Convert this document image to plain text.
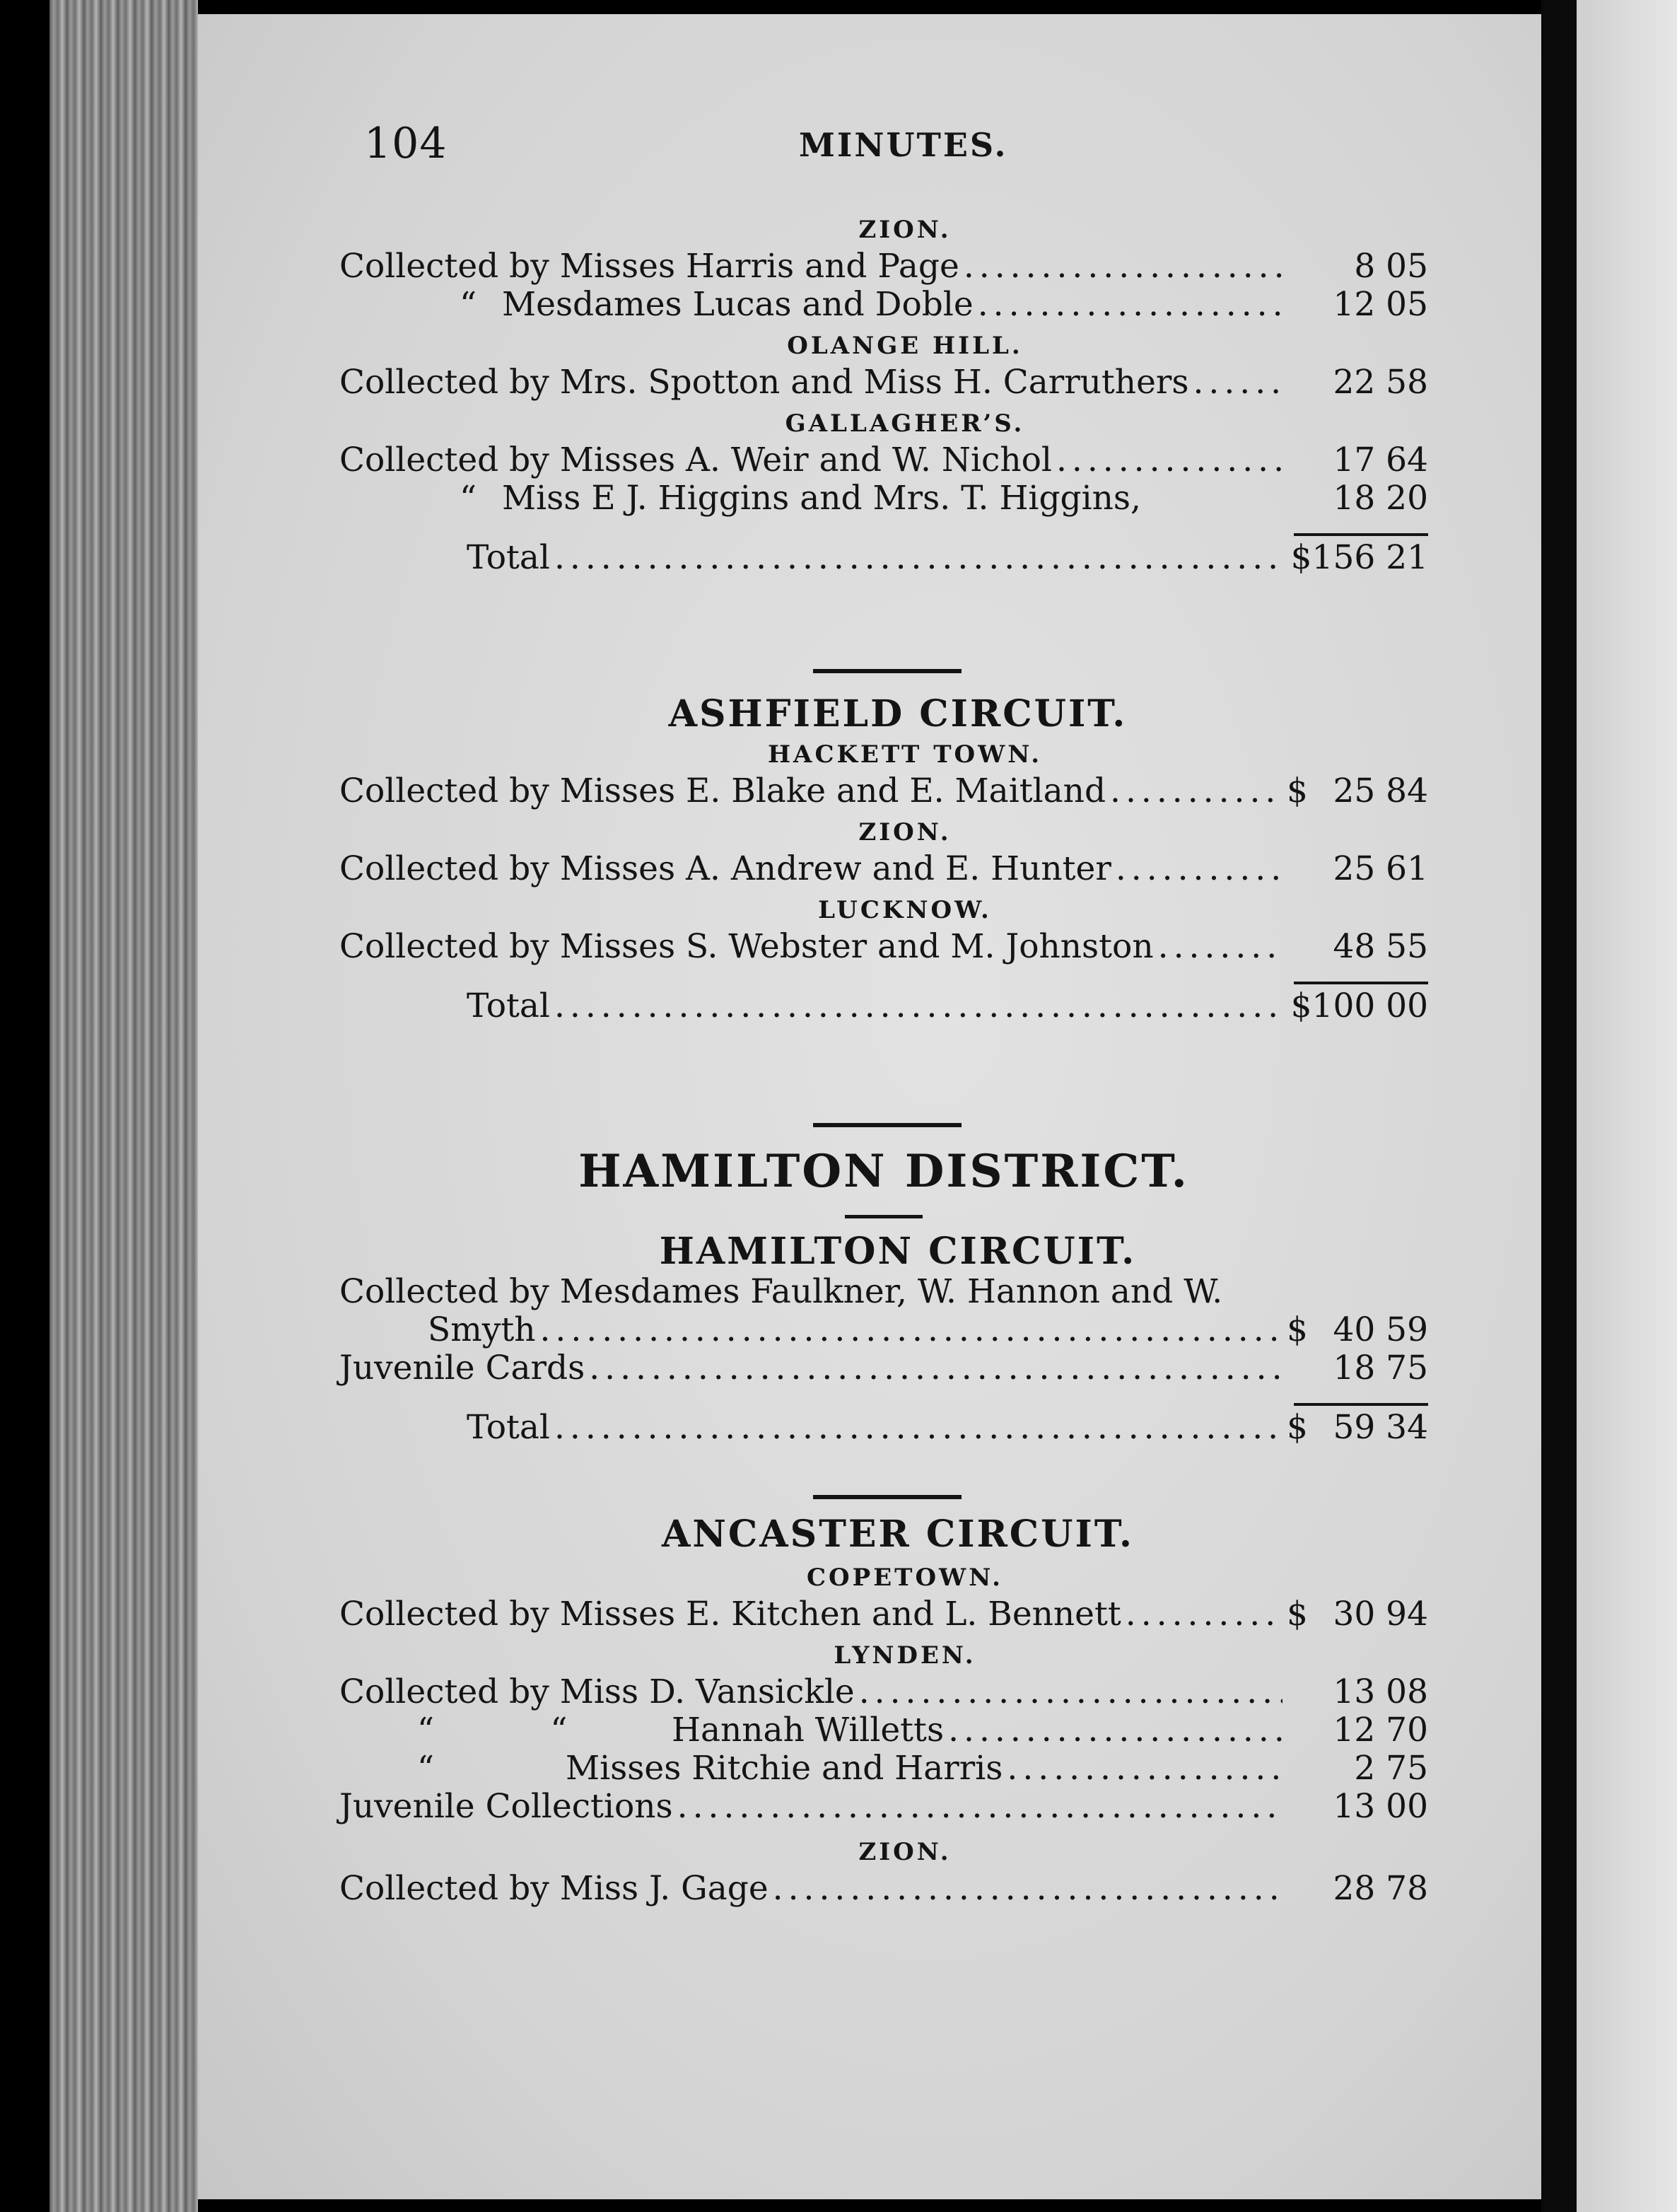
104	MINUTES.
ZION.
Collected by Misses Harris and Page .....	8 05
“ Mesdames Lucas and Doble .....	12 05
OLANGE HILL.
Collected by Mrs. Spotton and Miss H. Carruthers .....	22 58
GALLAGHER’S.
Collected by Misses A. Weir and W. Nichol .....	17 64
“ Miss E J. Higgins and Mrs. T. Higgins,	18 20
Total .....	$156 21
ASHFIELD CIRCUIT.
HACKETT TOWN.
Collected by Misses E. Blake and E. Maitland .....	$ 25 84
ZION.
Collected by Misses A. Andrew and E. Hunter .....	25 61
LUCKNOW.
Collected by Misses S. Webster and M. Johnston .....	48 55
Total .....	$100 00
HAMILTON DISTRICT.
HAMILTON CIRCUIT.
Collected by Mesdames Faulkner, W. Hannon and W.
Smyth .....	$ 40 59
Juvenile Cards .....	18 75
Total .....	$ 59 34
ANCASTER CIRCUIT.
COPETOWN.
Collected by Misses E. Kitchen and L. Bennett .....	$ 30 94
LYNDEN.
Collected by Miss D. Vansickle .....	13 08
“           “	Hannah Willetts .....	12 70
“	Misses Ritchie and Harris .....	2 75
Juvenile Collections .....	13 00
ZION.
Collected by Miss J. Gage .....	28 78
